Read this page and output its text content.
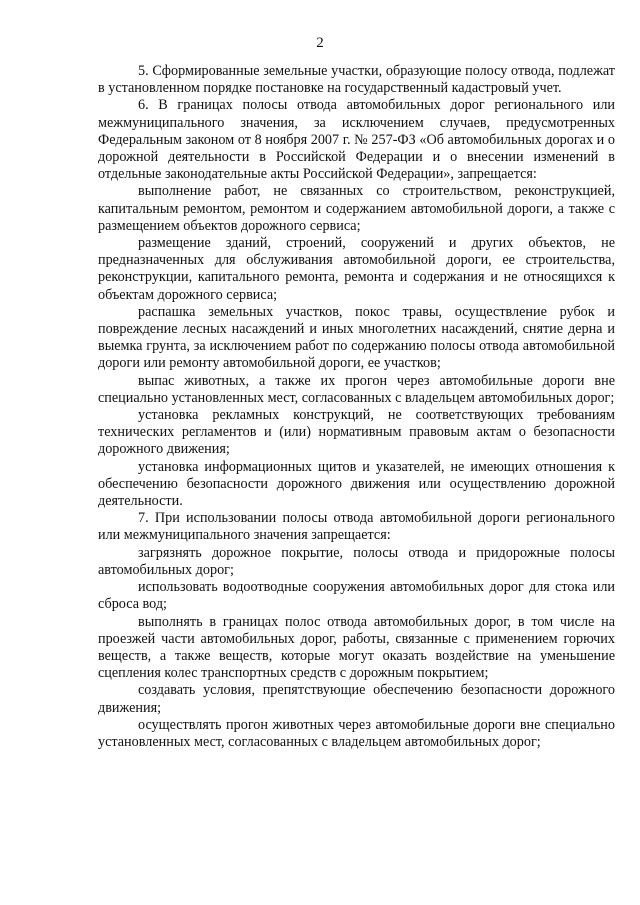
2

5. Сформированные земельные участки, образующие полосу отвода, подлежат в установленном порядке постановке на государственный кадастровый учет.

6. В границах полосы отвода автомобильных дорог регионального или межмуниципального значения, за исключением случаев, предусмотренных Федеральным законом от 8 ноября 2007 г. № 257-ФЗ «Об автомобильных дорогах и о дорожной деятельности в Российской Федерации и о внесении изменений в отдельные законодательные акты Российской Федерации», запрещается:

выполнение работ, не связанных со строительством, реконструкцией, капитальным ремонтом, ремонтом и содержанием автомобильной дороги, а также с размещением объектов дорожного сервиса;

размещение зданий, строений, сооружений и других объектов, не предназначенных для обслуживания автомобильной дороги, ее строительства, реконструкции, капитального ремонта, ремонта и содержания и не относящихся к объектам дорожного сервиса;

распашка земельных участков, покос травы, осуществление рубок и повреждение лесных насаждений и иных многолетних насаждений, снятие дерна и выемка грунта, за исключением работ по содержанию полосы отвода автомобильной дороги или ремонту автомобильной дороги, ее участков;

выпас животных, а также их прогон через автомобильные дороги вне специально установленных мест, согласованных с владельцем автомобильных дорог;

установка рекламных конструкций, не соответствующих требованиям технических регламентов и (или) нормативным правовым актам о безопасности дорожного движения;

установка информационных щитов и указателей, не имеющих отношения к обеспечению безопасности дорожного движения или осуществлению дорожной деятельности.

7. При использовании полосы отвода автомобильной дороги регионального или межмуниципального значения запрещается:

загрязнять дорожное покрытие, полосы отвода и придорожные полосы автомобильных дорог;

использовать водоотводные сооружения автомобильных дорог для стока или сброса вод;

выполнять в границах полос отвода автомобильных дорог, в том числе на проезжей части автомобильных дорог, работы, связанные с применением горючих веществ, а также веществ, которые могут оказать воздействие на уменьшение сцепления колес транспортных средств с дорожным покрытием;

создавать условия, препятствующие обеспечению безопасности дорожного движения;

осуществлять прогон животных через автомобильные дороги вне специально установленных мест, согласованных с владельцем автомобильных дорог;
